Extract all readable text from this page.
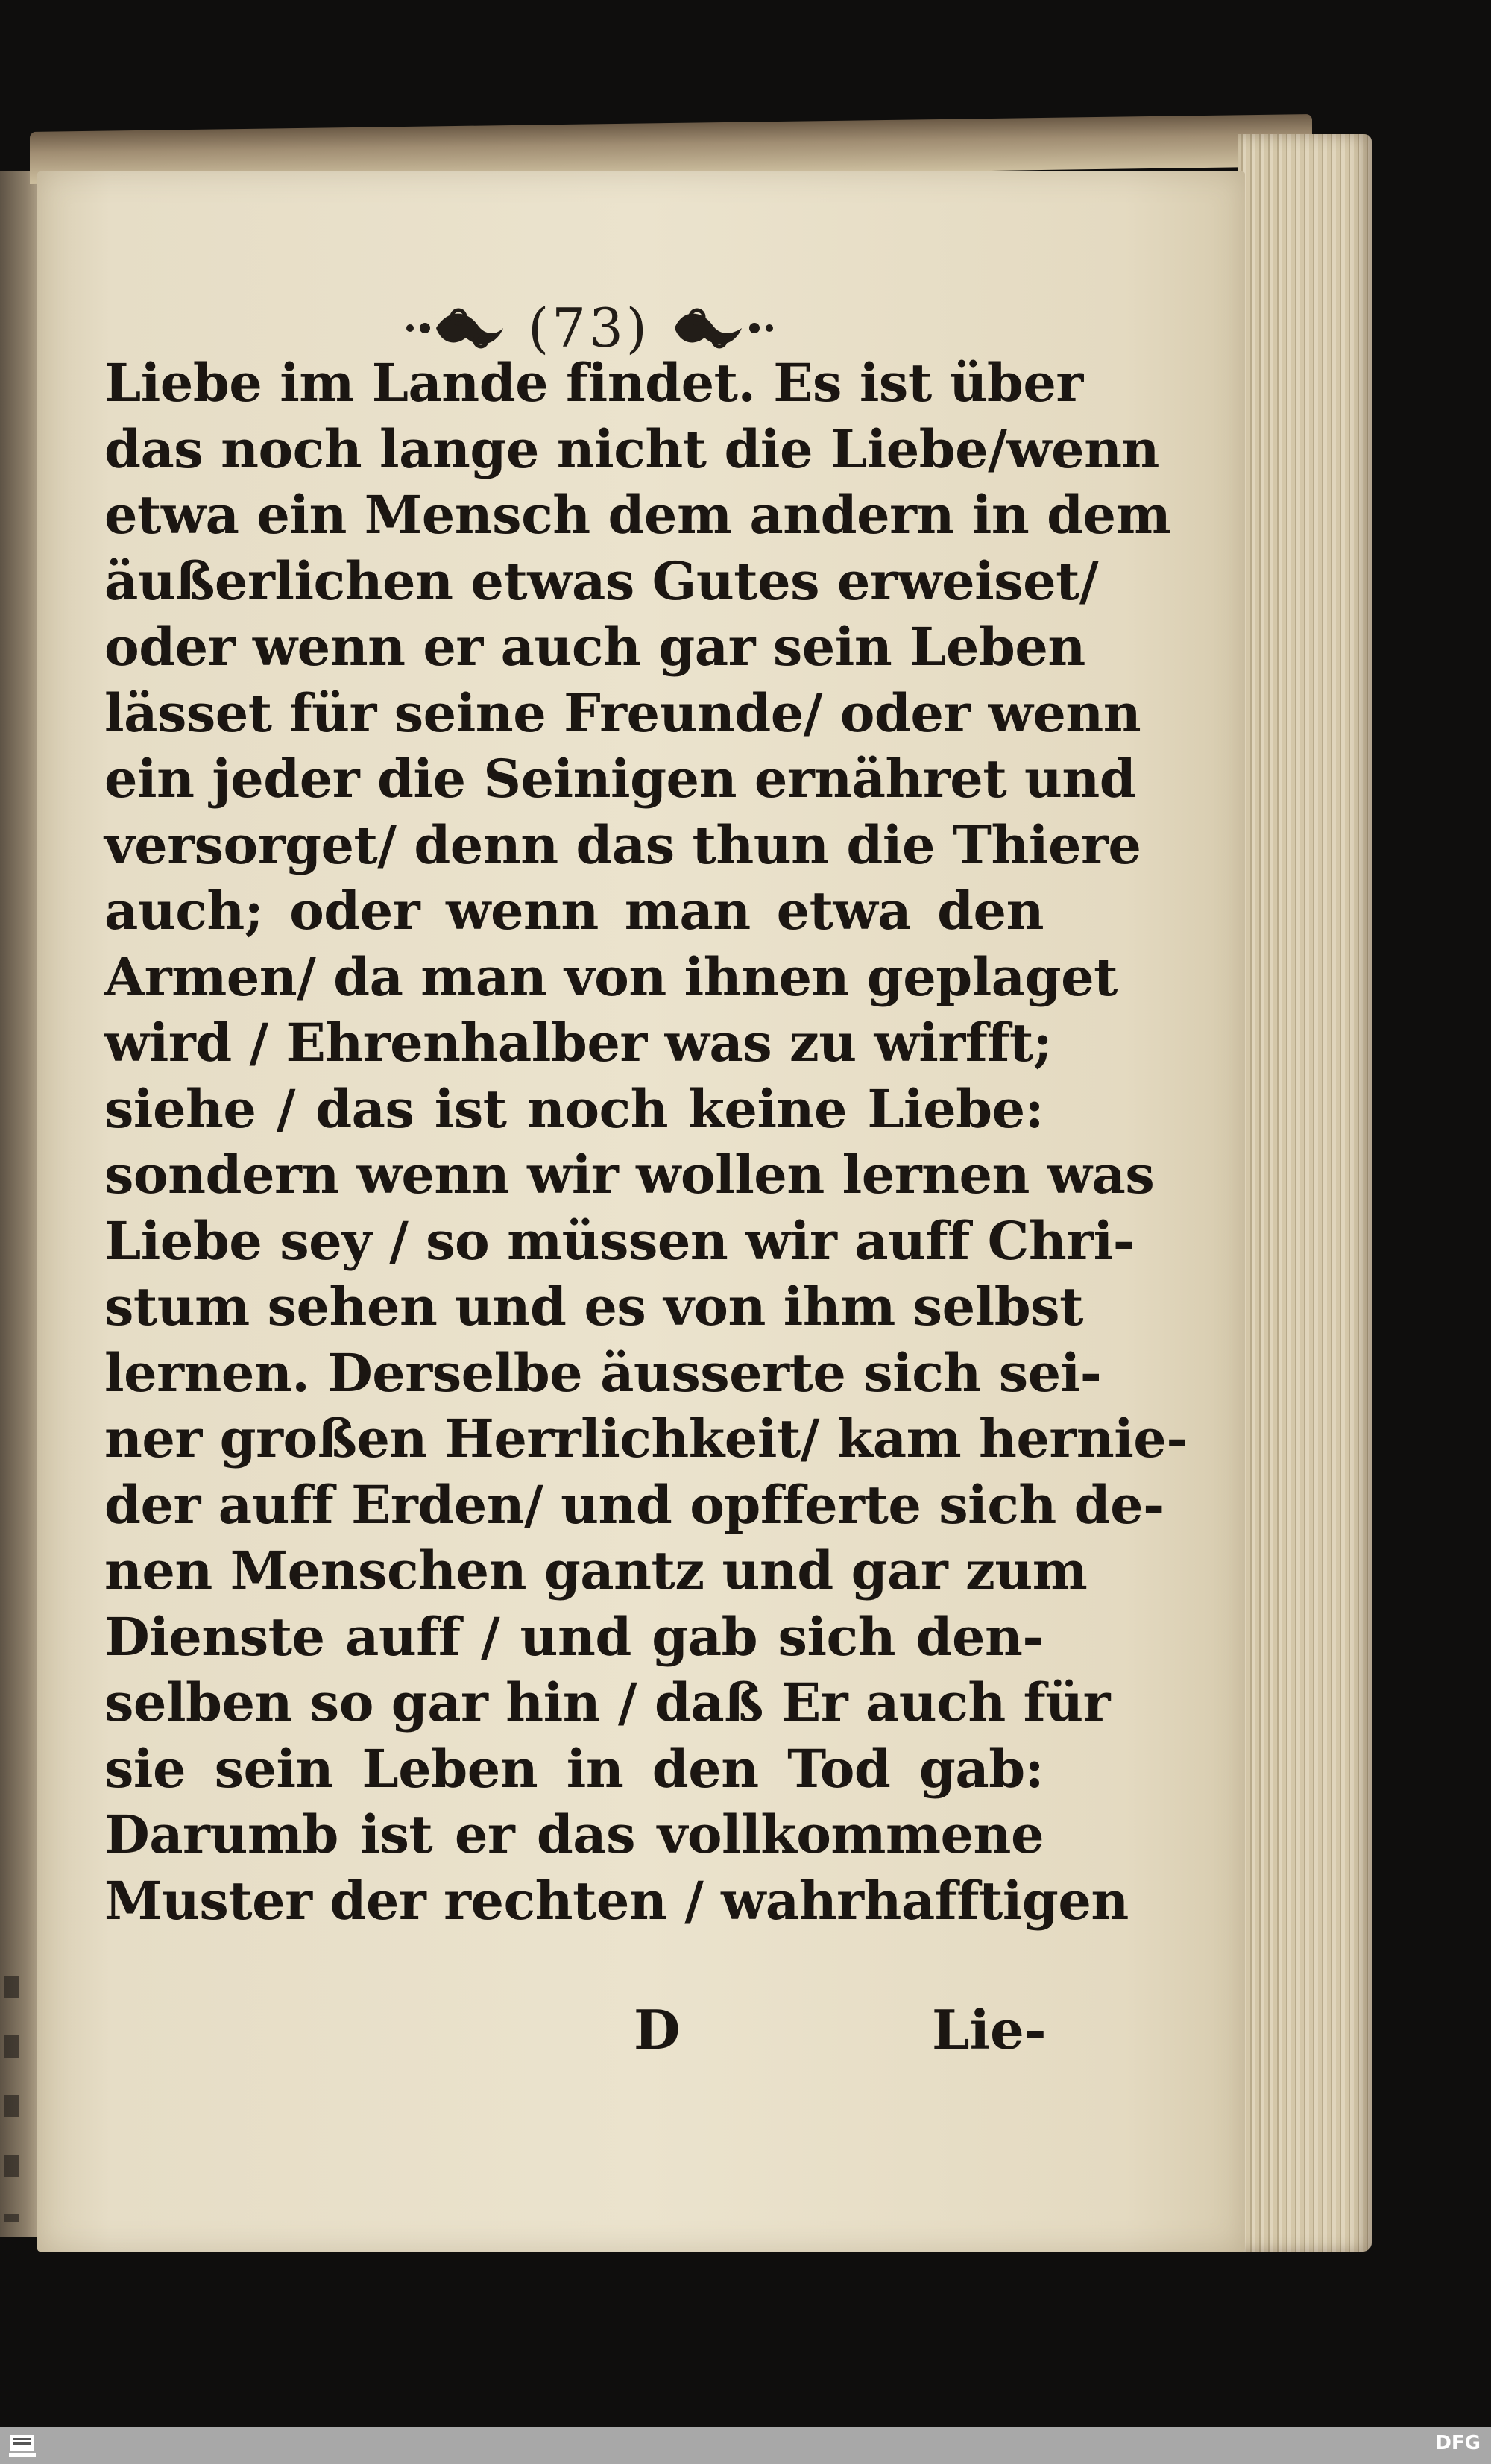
(73)
Liebe im Lande findet. Es ist über
das noch lange nicht die Liebe/wenn
etwa ein Mensch dem andern in dem
äußerlichen etwas Gutes erweiset/
oder wenn er auch gar sein Leben
lässet für seine Freunde/ oder wenn
ein jeder die Seinigen ernähret und
versorget/ denn das thun die Thiere
auch; oder wenn man etwa den
Armen/ da man von ihnen geplaget
wird / Ehrenhalber was zu wirfft;
siehe / das ist noch keine Liebe:
sondern wenn wir wollen lernen was
Liebe sey / so müssen wir auff Chri-
stum sehen und es von ihm selbst
lernen. Derselbe äusserte sich sei-
ner großen Herrlichkeit/ kam hernie-
der auff Erden/ und opfferte sich de-
nen Menschen gantz und gar zum
Dienste auff / und gab sich den-
selben so gar hin / daß Er auch für
sie sein Leben in den Tod gab:
Darumb ist er das vollkommene
Muster der rechten / wahrhafftigen
D	Lie-
DFG
